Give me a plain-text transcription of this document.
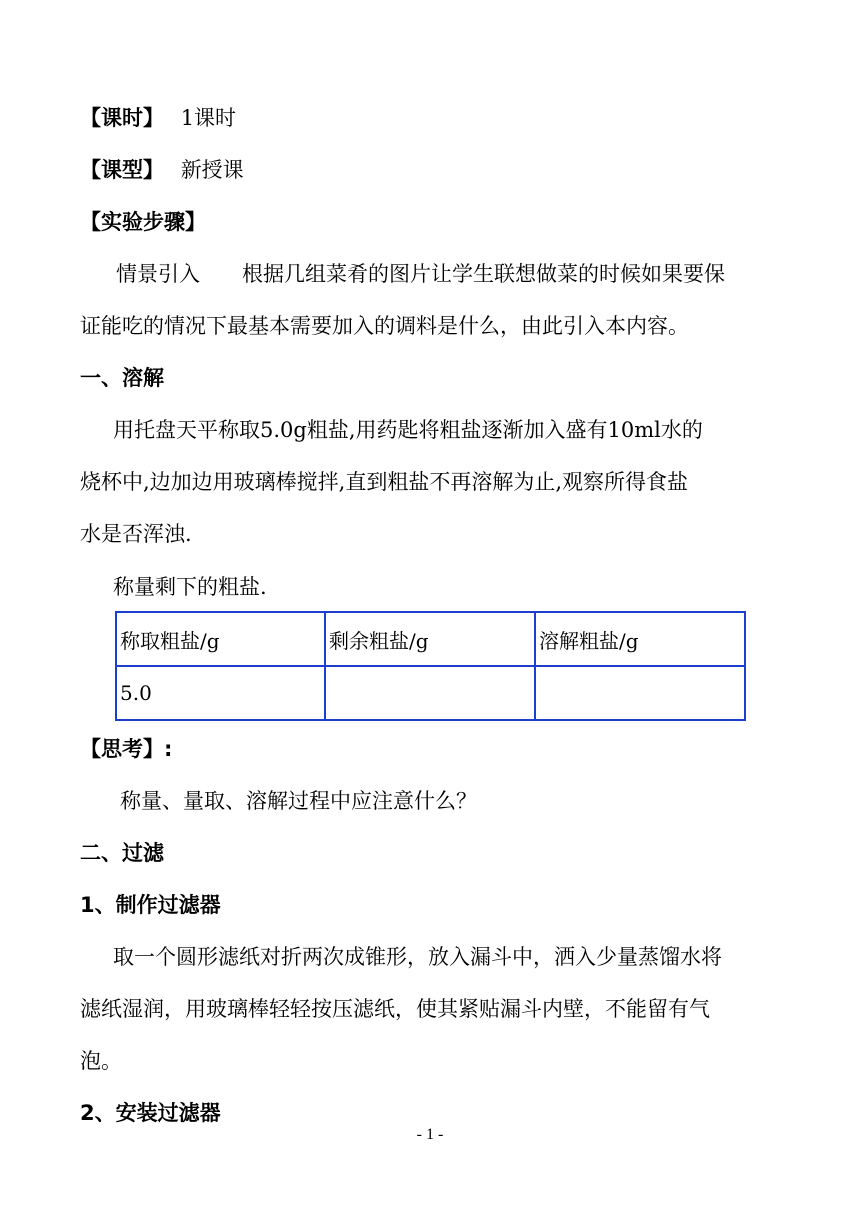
【课时】 1课时
【课型】 新授课
【实验步骤】
情景引入　　根据几组菜肴的图片让学生联想做菜的时候如果要保
证能吃的情况下最基本需要加入的调料是什么，由此引入本内容。
一、溶解
用托盘天平称取5.0g粗盐,用药匙将粗盐逐渐加入盛有10ml水的
烧杯中,边加边用玻璃棒搅拌,直到粗盐不再溶解为止,观察所得食盐
水是否浑浊.
称量剩下的粗盐.
称取粗盐/g	剩余粗盐/g	溶解粗盐/g
5.0		
【思考】:
称量、量取、溶解过程中应注意什么？
二、过滤
1、制作过滤器
取一个圆形滤纸对折两次成锥形，放入漏斗中，洒入少量蒸馏水将
滤纸湿润，用玻璃棒轻轻按压滤纸，使其紧贴漏斗内壁，不能留有气
泡。
2、安装过滤器
- 1 -
